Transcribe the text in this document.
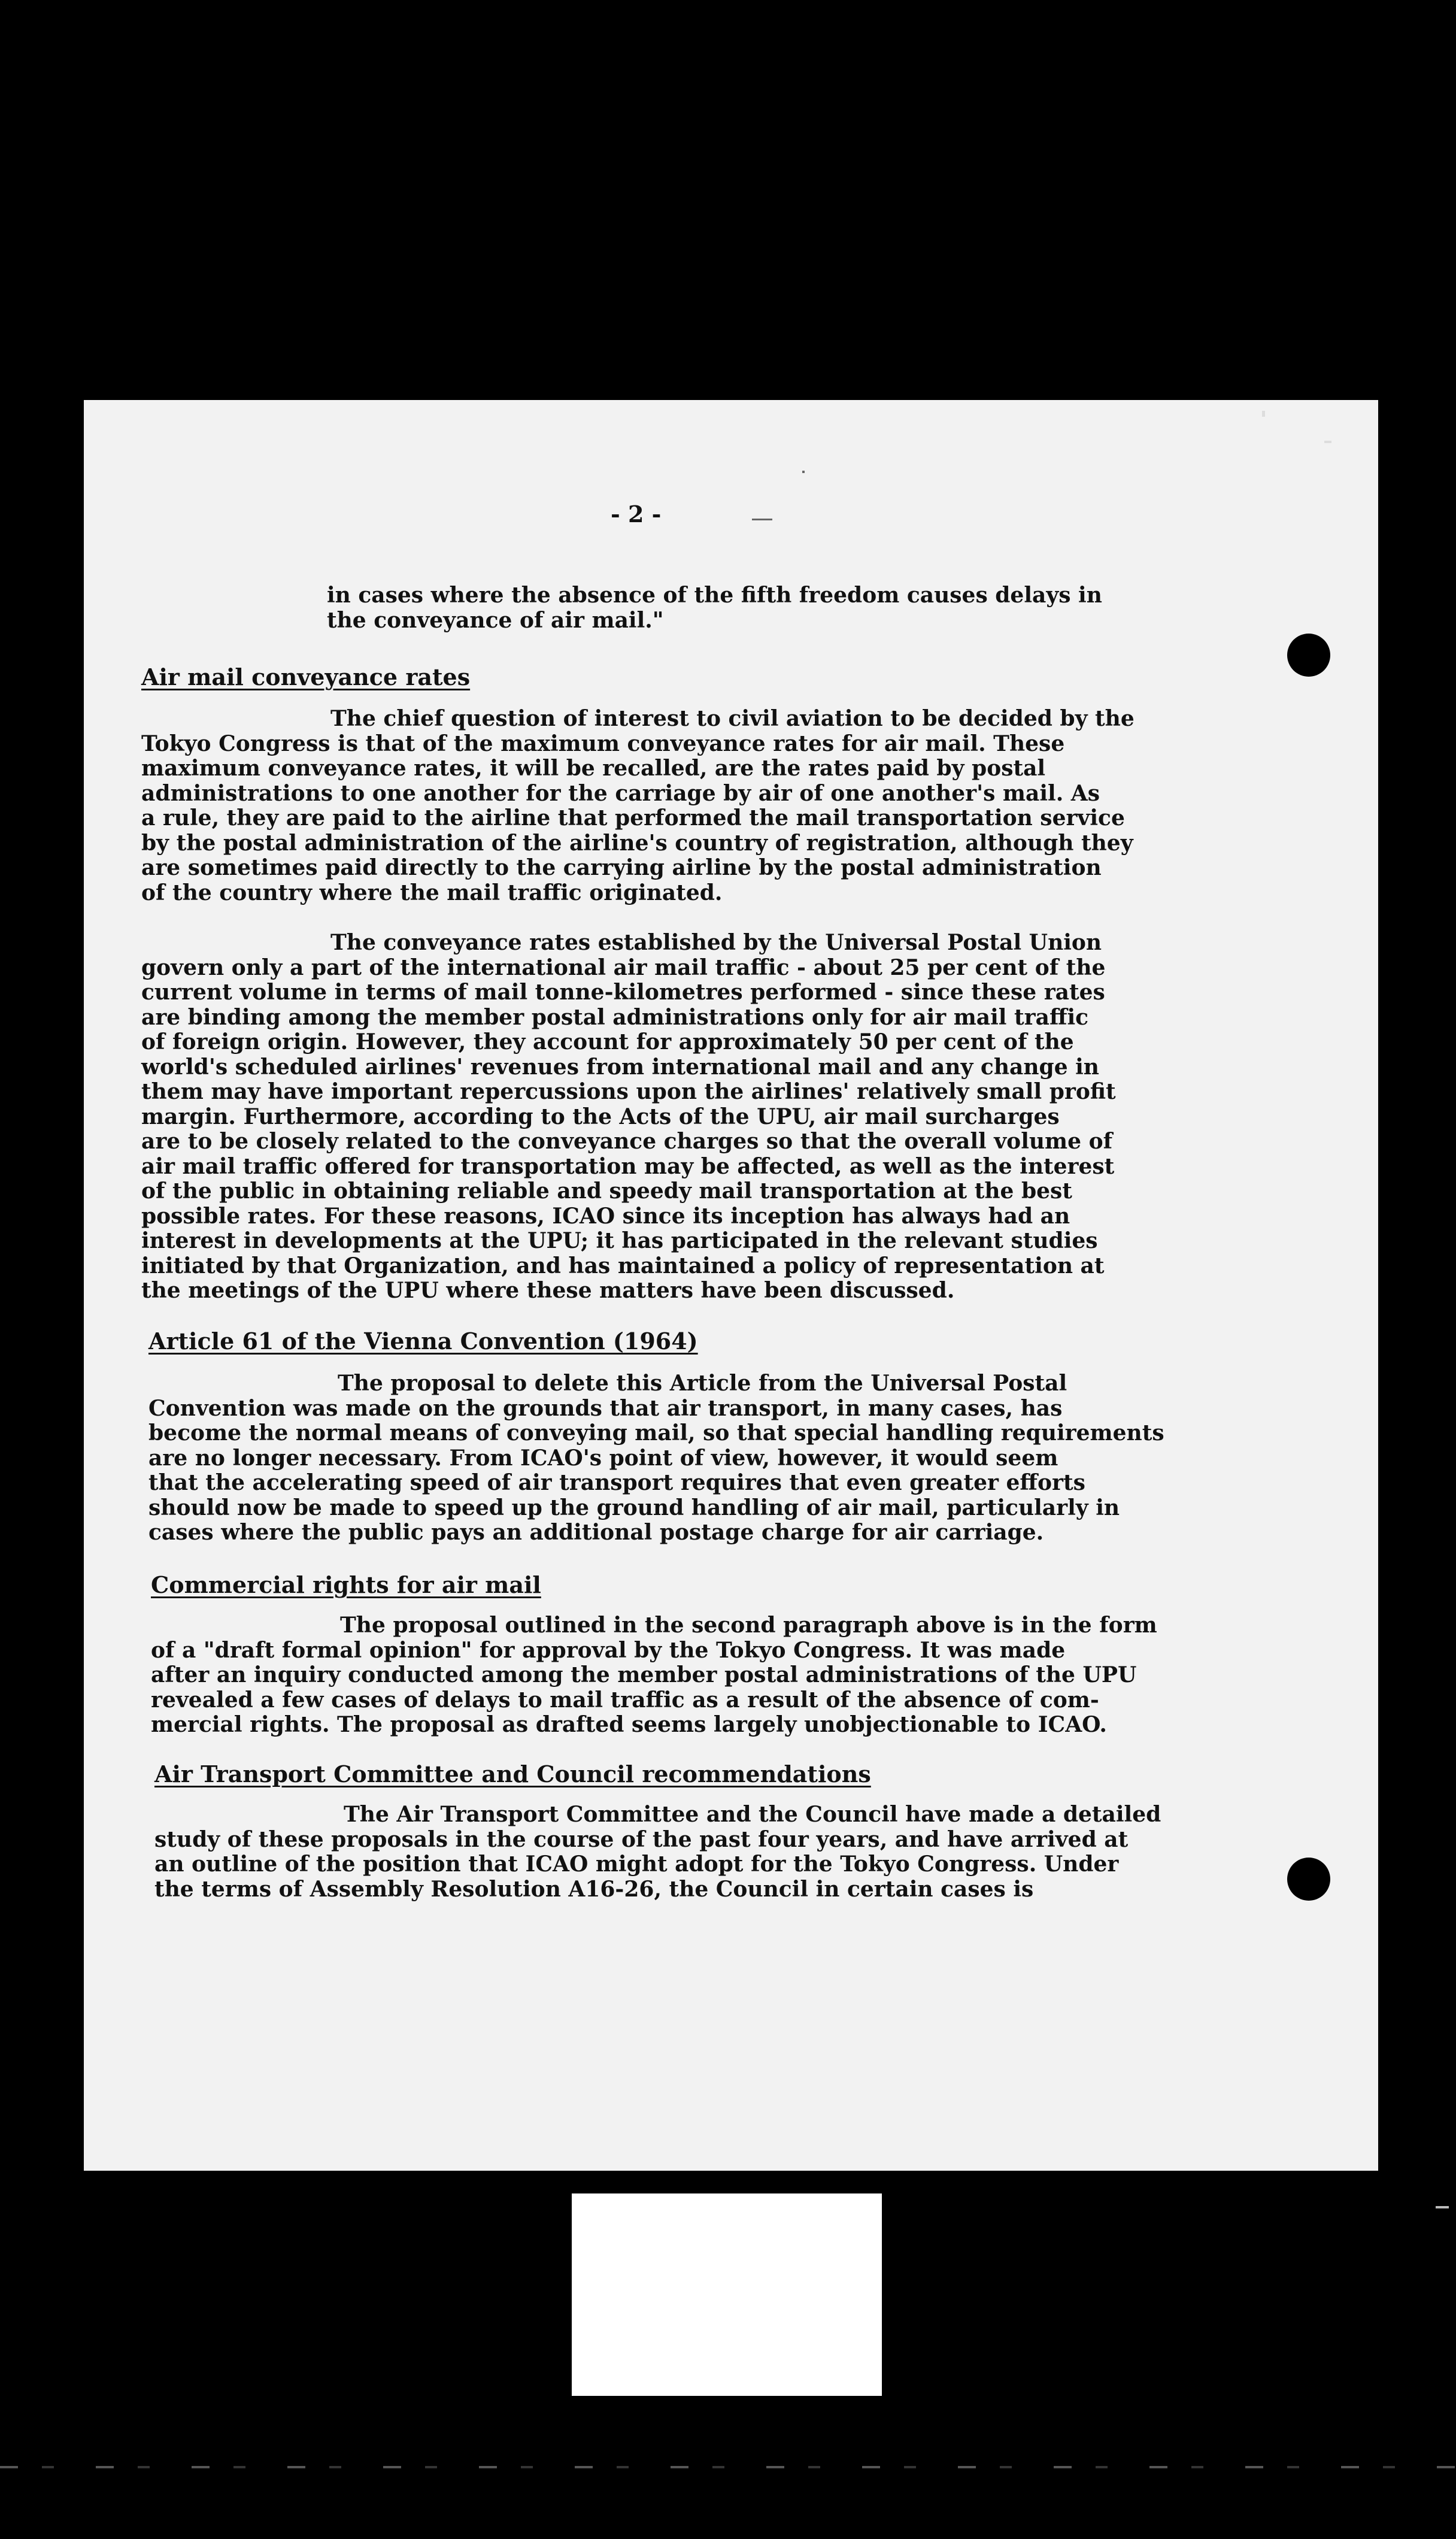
- 2 -
in cases where the absence of the fifth freedom causes delays in
the conveyance of air mail."
Air mail conveyance rates
The chief question of interest to civil aviation to be decided by the
Tokyo Congress is that of the maximum conveyance rates for air mail. These
maximum conveyance rates, it will be recalled, are the rates paid by postal
administrations to one another for the carriage by air of one another's mail. As
a rule, they are paid to the airline that performed the mail transportation service
by the postal administration of the airline's country of registration, although they
are sometimes paid directly to the carrying airline by the postal administration
of the country where the mail traffic originated.
The conveyance rates established by the Universal Postal Union
govern only a part of the international air mail traffic - about 25 per cent of the
current volume in terms of mail tonne-kilometres performed - since these rates
are binding among the member postal administrations only for air mail traffic
of foreign origin. However, they account for approximately 50 per cent of the
world's scheduled airlines' revenues from international mail and any change in
them may have important repercussions upon the airlines' relatively small profit
margin. Furthermore, according to the Acts of the UPU, air mail surcharges
are to be closely related to the conveyance charges so that the overall volume of
air mail traffic offered for transportation may be affected, as well as the interest
of the public in obtaining reliable and speedy mail transportation at the best
possible rates. For these reasons, ICAO since its inception has always had an
interest in developments at the UPU; it has participated in the relevant studies
initiated by that Organization, and has maintained a policy of representation at
the meetings of the UPU where these matters have been discussed.
Article 61 of the Vienna Convention (1964)
The proposal to delete this Article from the Universal Postal
Convention was made on the grounds that air transport, in many cases, has
become the normal means of conveying mail, so that special handling requirements
are no longer necessary. From ICAO's point of view, however, it would seem
that the accelerating speed of air transport requires that even greater efforts
should now be made to speed up the ground handling of air mail, particularly in
cases where the public pays an additional postage charge for air carriage.
Commercial rights for air mail
The proposal outlined in the second paragraph above is in the form
of a "draft formal opinion" for approval by the Tokyo Congress. It was made
after an inquiry conducted among the member postal administrations of the UPU
revealed a few cases of delays to mail traffic as a result of the absence of com-
mercial rights. The proposal as drafted seems largely unobjectionable to ICAO.
Air Transport Committee and Council recommendations
The Air Transport Committee and the Council have made a detailed
study of these proposals in the course of the past four years, and have arrived at
an outline of the position that ICAO might adopt for the Tokyo Congress. Under
the terms of Assembly Resolution A16-26, the Council in certain cases is
